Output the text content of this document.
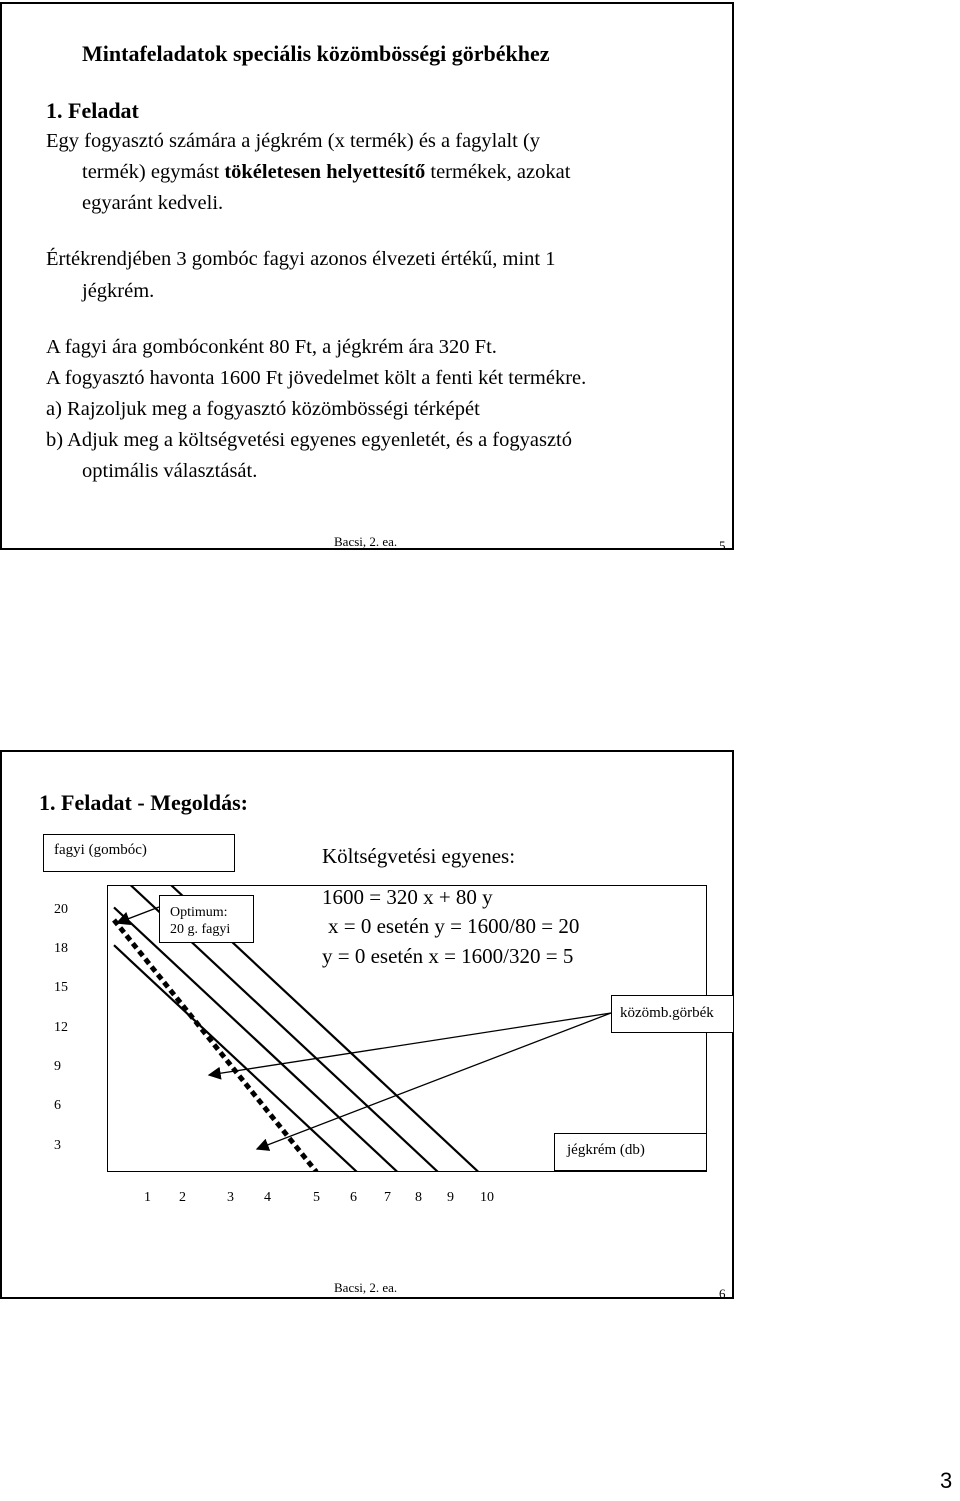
Mintafeladatok speciális közömbösségi görbékhez
1. Feladat
Egy fogyasztó számára a jégkrém (x termék) és a fagylalt (y
termék) egymást tökéletesen helyettesítő termékek, azokat
egyaránt kedveli.
Értékrendjében 3 gombóc fagyi azonos élvezeti értékű, mint 1
jégkrém.
A fagyi ára gombóconként 80 Ft, a jégkrém ára 320 Ft.
A fogyasztó havonta 1600 Ft jövedelmet költ a fenti két termékre.
a) Rajzoljuk meg a fogyasztó közömbösségi térképét
b) Adjuk meg a költségvetési egyenes egyenletét, és a fogyasztó
optimális választását.
Bacsi, 2. ea.	5
1. Feladat - Megoldás:
fagyi (gombóc)
20
18
15
12
9
6
3
1 2	3 4	5 6 7 8 9 10
Optimum:
20 g. fagyi
közömb.görbék
jégkrém (db)
Költségvetési egyenes:
1600 = 320 x + 80 y
x = 0 esetén y = 1600/80 = 20
y = 0 esetén x = 1600/320 = 5
Bacsi, 2. ea.	6
3
